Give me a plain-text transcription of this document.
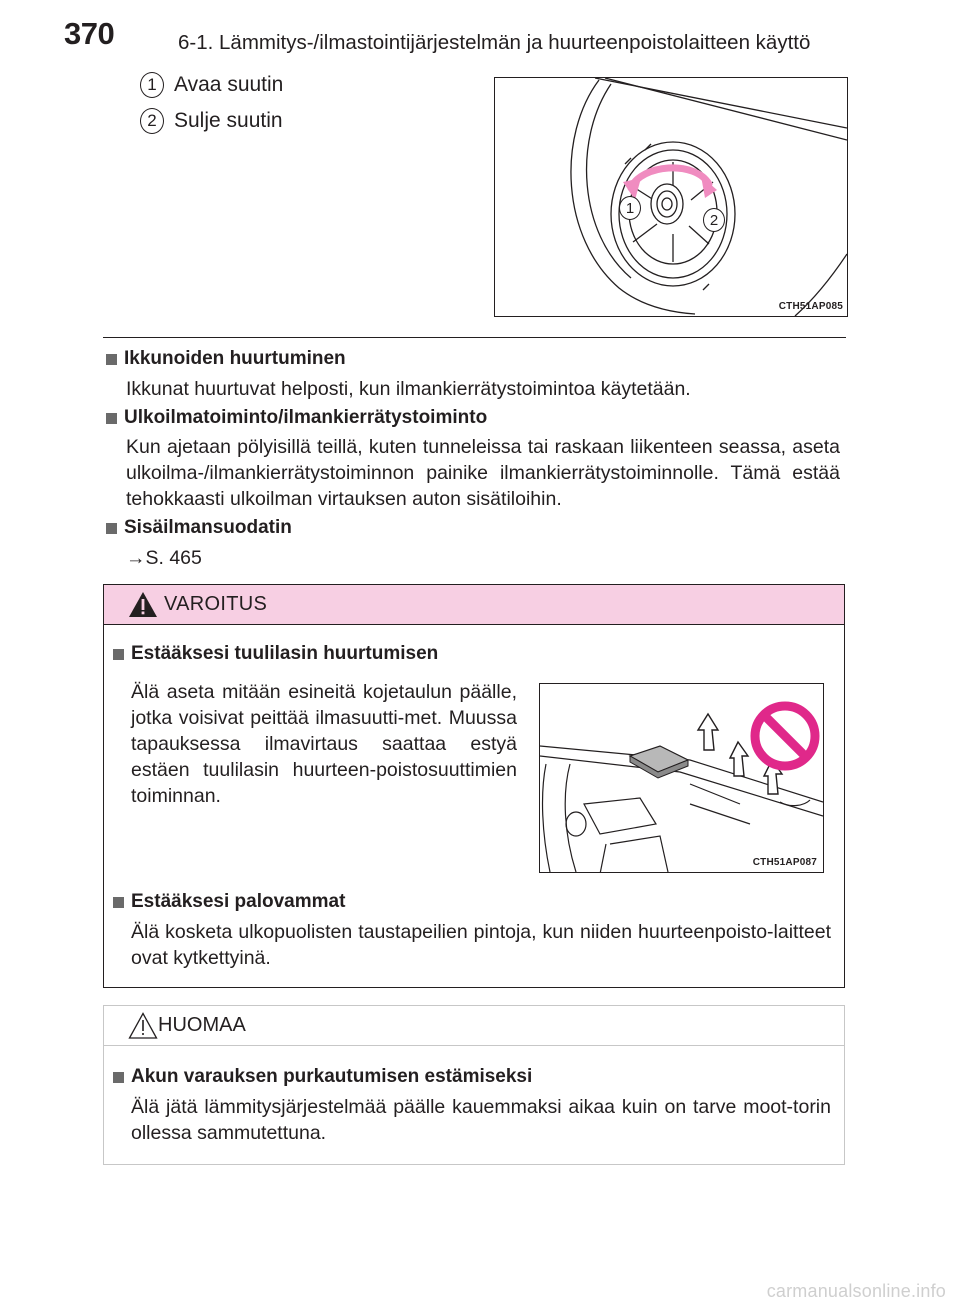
370	6-1. Lämmitys-/ilmastointijärjestelmän ja huurteenpoistolaitteen käyttö
1 Avaa suutin
2 Sulje suutin
1
2
CTH51AP085
Ikkunoiden huurtuminen
Ikkunat huurtuvat helposti, kun ilmankierrätystoimintoa käytetään.
Ulkoilmatoiminto/ilmankierrätystoiminto
Kun ajetaan pölyisillä teillä, kuten tunneleissa tai raskaan liikenteen seassa, aseta ulkoilma-/ilmankierrätystoiminnon painike ilmankierrätystoiminnolle. Tämä estää tehokkaasti ulkoilman virtauksen auton sisätiloihin.
Sisäilmansuodatin
→S. 465
VAROITUS
Estääksesi tuulilasin huurtumisen
Älä aseta mitään esineitä kojetaulun päälle, jotka voisivat peittää ilmasuutti-met. Muussa tapauksessa ilmavirtaus saattaa estyä estäen tuulilasin huurteen-poistosuuttimien toiminnan.
CTH51AP087
Estääksesi palovammat
Älä kosketa ulkopuolisten taustapeilien pintoja, kun niiden huurteenpoisto-laitteet ovat kytkettyinä.
HUOMAA
Akun varauksen purkautumisen estämiseksi
Älä jätä lämmitysjärjestelmää päälle kauemmaksi aikaa kuin on tarve moot-torin ollessa sammutettuna.
carmanualsonline.info
